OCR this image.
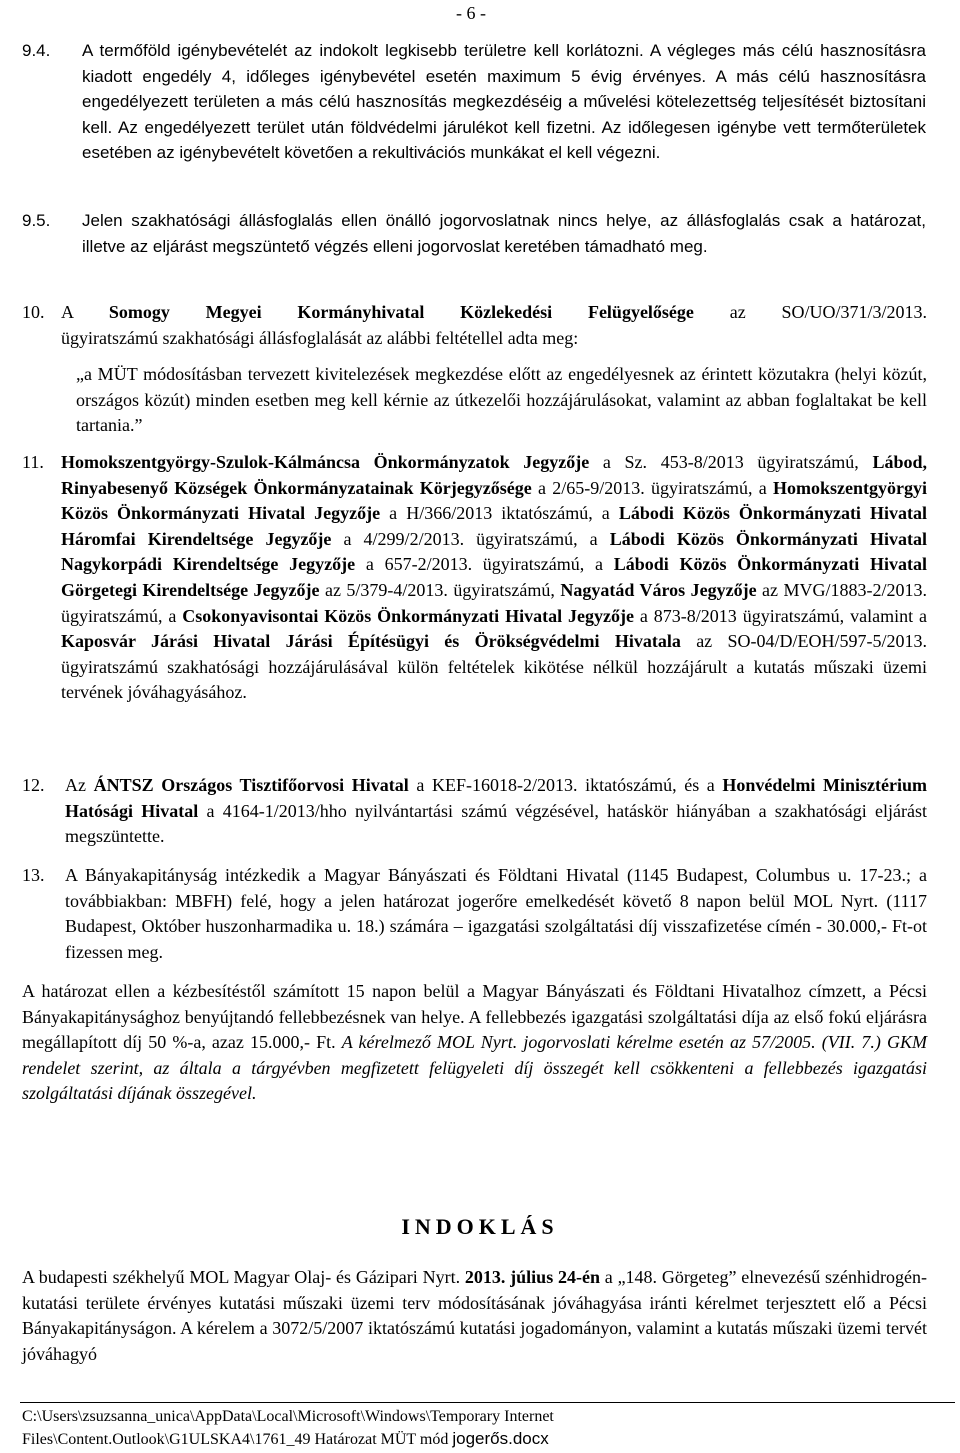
- 6 -
9.4. A termőföld igénybevételét az indokolt legkisebb területre kell korlátozni. A végleges más célú hasznosításra kiadott engedély 4, időleges igénybevétel esetén maximum 5 évig érvényes. A más célú hasznosításra engedélyezett területen a más célú hasznosítás megkezdéséig a művelési kötelezettség teljesítését biztosítani kell. Az engedélyezett terület után földvédelmi járulékot kell fizetni. Az időlegesen igénybe vett termőterületek esetében az igénybevételt követően a rekultivációs munkákat el kell végezni.
9.5. Jelen szakhatósági állásfoglalás ellen önálló jogorvoslatnak nincs helye, az állásfoglalás csak a határozat, illetve az eljárást megszüntető végzés elleni jogorvoslat keretében támadható meg.
10. A Somogy Megyei Kormányhivatal Közlekedési Felügyelősége az SO/UO/371/3/2013.
ügyiratszámú szakhatósági állásfoglalását az alábbi feltétellel adta meg:
„a MÜT módosításban tervezett kivitelezések megkezdése előtt az engedélyesnek az érintett közutakra (helyi közút, országos közút) minden esetben meg kell kérnie az útkezelői hozzájárulásokat, valamint az abban foglaltakat be kell tartania.”
11. Homokszentgyörgy-Szulok-Kálmáncsa Önkormányzatok Jegyzője a Sz. 453-8/2013 ügyiratszámú, Lábod, Rinyabesenyő Községek Önkormányzatainak Körjegyzősége a 2/65-9/2013. ügyiratszámú, a Homokszentgyörgyi Közös Önkormányzati Hivatal Jegyzője a H/366/2013 iktatószámú, a Lábodi Közös Önkormányzati Hivatal Háromfai Kirendeltsége Jegyzője a 4/299/2/2013. ügyiratszámú, a Lábodi Közös Önkormányzati Hivatal Nagykorpádi Kirendeltsége Jegyzője a 657-2/2013. ügyiratszámú, a Lábodi Közös Önkormányzati Hivatal Görgetegi Kirendeltsége Jegyzője az 5/379-4/2013. ügyiratszámú, Nagyatád Város Jegyzője az MVG/1883-2/2013. ügyiratszámú, a Csokonyavisontai Közös Önkormányzati Hivatal Jegyzője a 873-8/2013 ügyiratszámú, valamint a Kaposvár Járási Hivatal Járási Építésügyi és Örökségvédelmi Hivatala az SO-04/D/EOH/597-5/2013. ügyiratszámú szakhatósági hozzájárulásával külön feltételek kikötése nélkül hozzájárult a kutatás műszaki üzemi tervének jóváhagyásához.
12. Az ÁNTSZ Országos Tisztifőorvosi Hivatal a KEF-16018-2/2013. iktatószámú, és a Honvédelmi Minisztérium Hatósági Hivatal a 4164-1/2013/hho nyilvántartási számú végzésével, hatáskör hiányában a szakhatósági eljárást megszüntette.
13. A Bányakapitányság intézkedik a Magyar Bányászati és Földtani Hivatal (1145 Budapest, Columbus u. 17-23.; a továbbiakban: MBFH) felé, hogy a jelen határozat jogerőre emelkedését követő 8 napon belül MOL Nyrt. (1117 Budapest, Október huszonharmadika u. 18.) számára – igazgatási szolgáltatási díj visszafizetése címén - 30.000,- Ft-ot fizessen meg.
A határozat ellen a kézbesítéstől számított 15 napon belül a Magyar Bányászati és Földtani Hivatalhoz címzett, a Pécsi Bányakapitánysághoz benyújtandó fellebbezésnek van helye. A fellebbezés igazgatási szolgáltatási díja az első fokú eljárásra megállapított díj 50 %-a, azaz 15.000,- Ft. A kérelmező MOL Nyrt. jogorvoslati kérelme esetén az 57/2005. (VII. 7.) GKM rendelet szerint, az általa a tárgyévben megfizetett felügyeleti díj összegét kell csökkenteni a fellebbezés igazgatási szolgáltatási díjának összegével.
INDOKLÁS
A budapesti székhelyű MOL Magyar Olaj- és Gázipari Nyrt. 2013. július 24-én a „148. Görgeteg” elnevezésű szénhidrogén-kutatási területe érvényes kutatási műszaki üzemi terv módosításának jóváhagyása iránti kérelmet terjesztett elő a Pécsi Bányakapitányságon. A kérelem a 3072/5/2007 iktatószámú kutatási jogadományon, valamint a kutatás műszaki üzemi tervét jóváhagyó
C:\Users\zsuzsanna_unica\AppData\Local\Microsoft\Windows\Temporary Internet
Files\Content.Outlook\G1ULSKA4\1761_49 Határozat MÜT mód jogerős.docx
